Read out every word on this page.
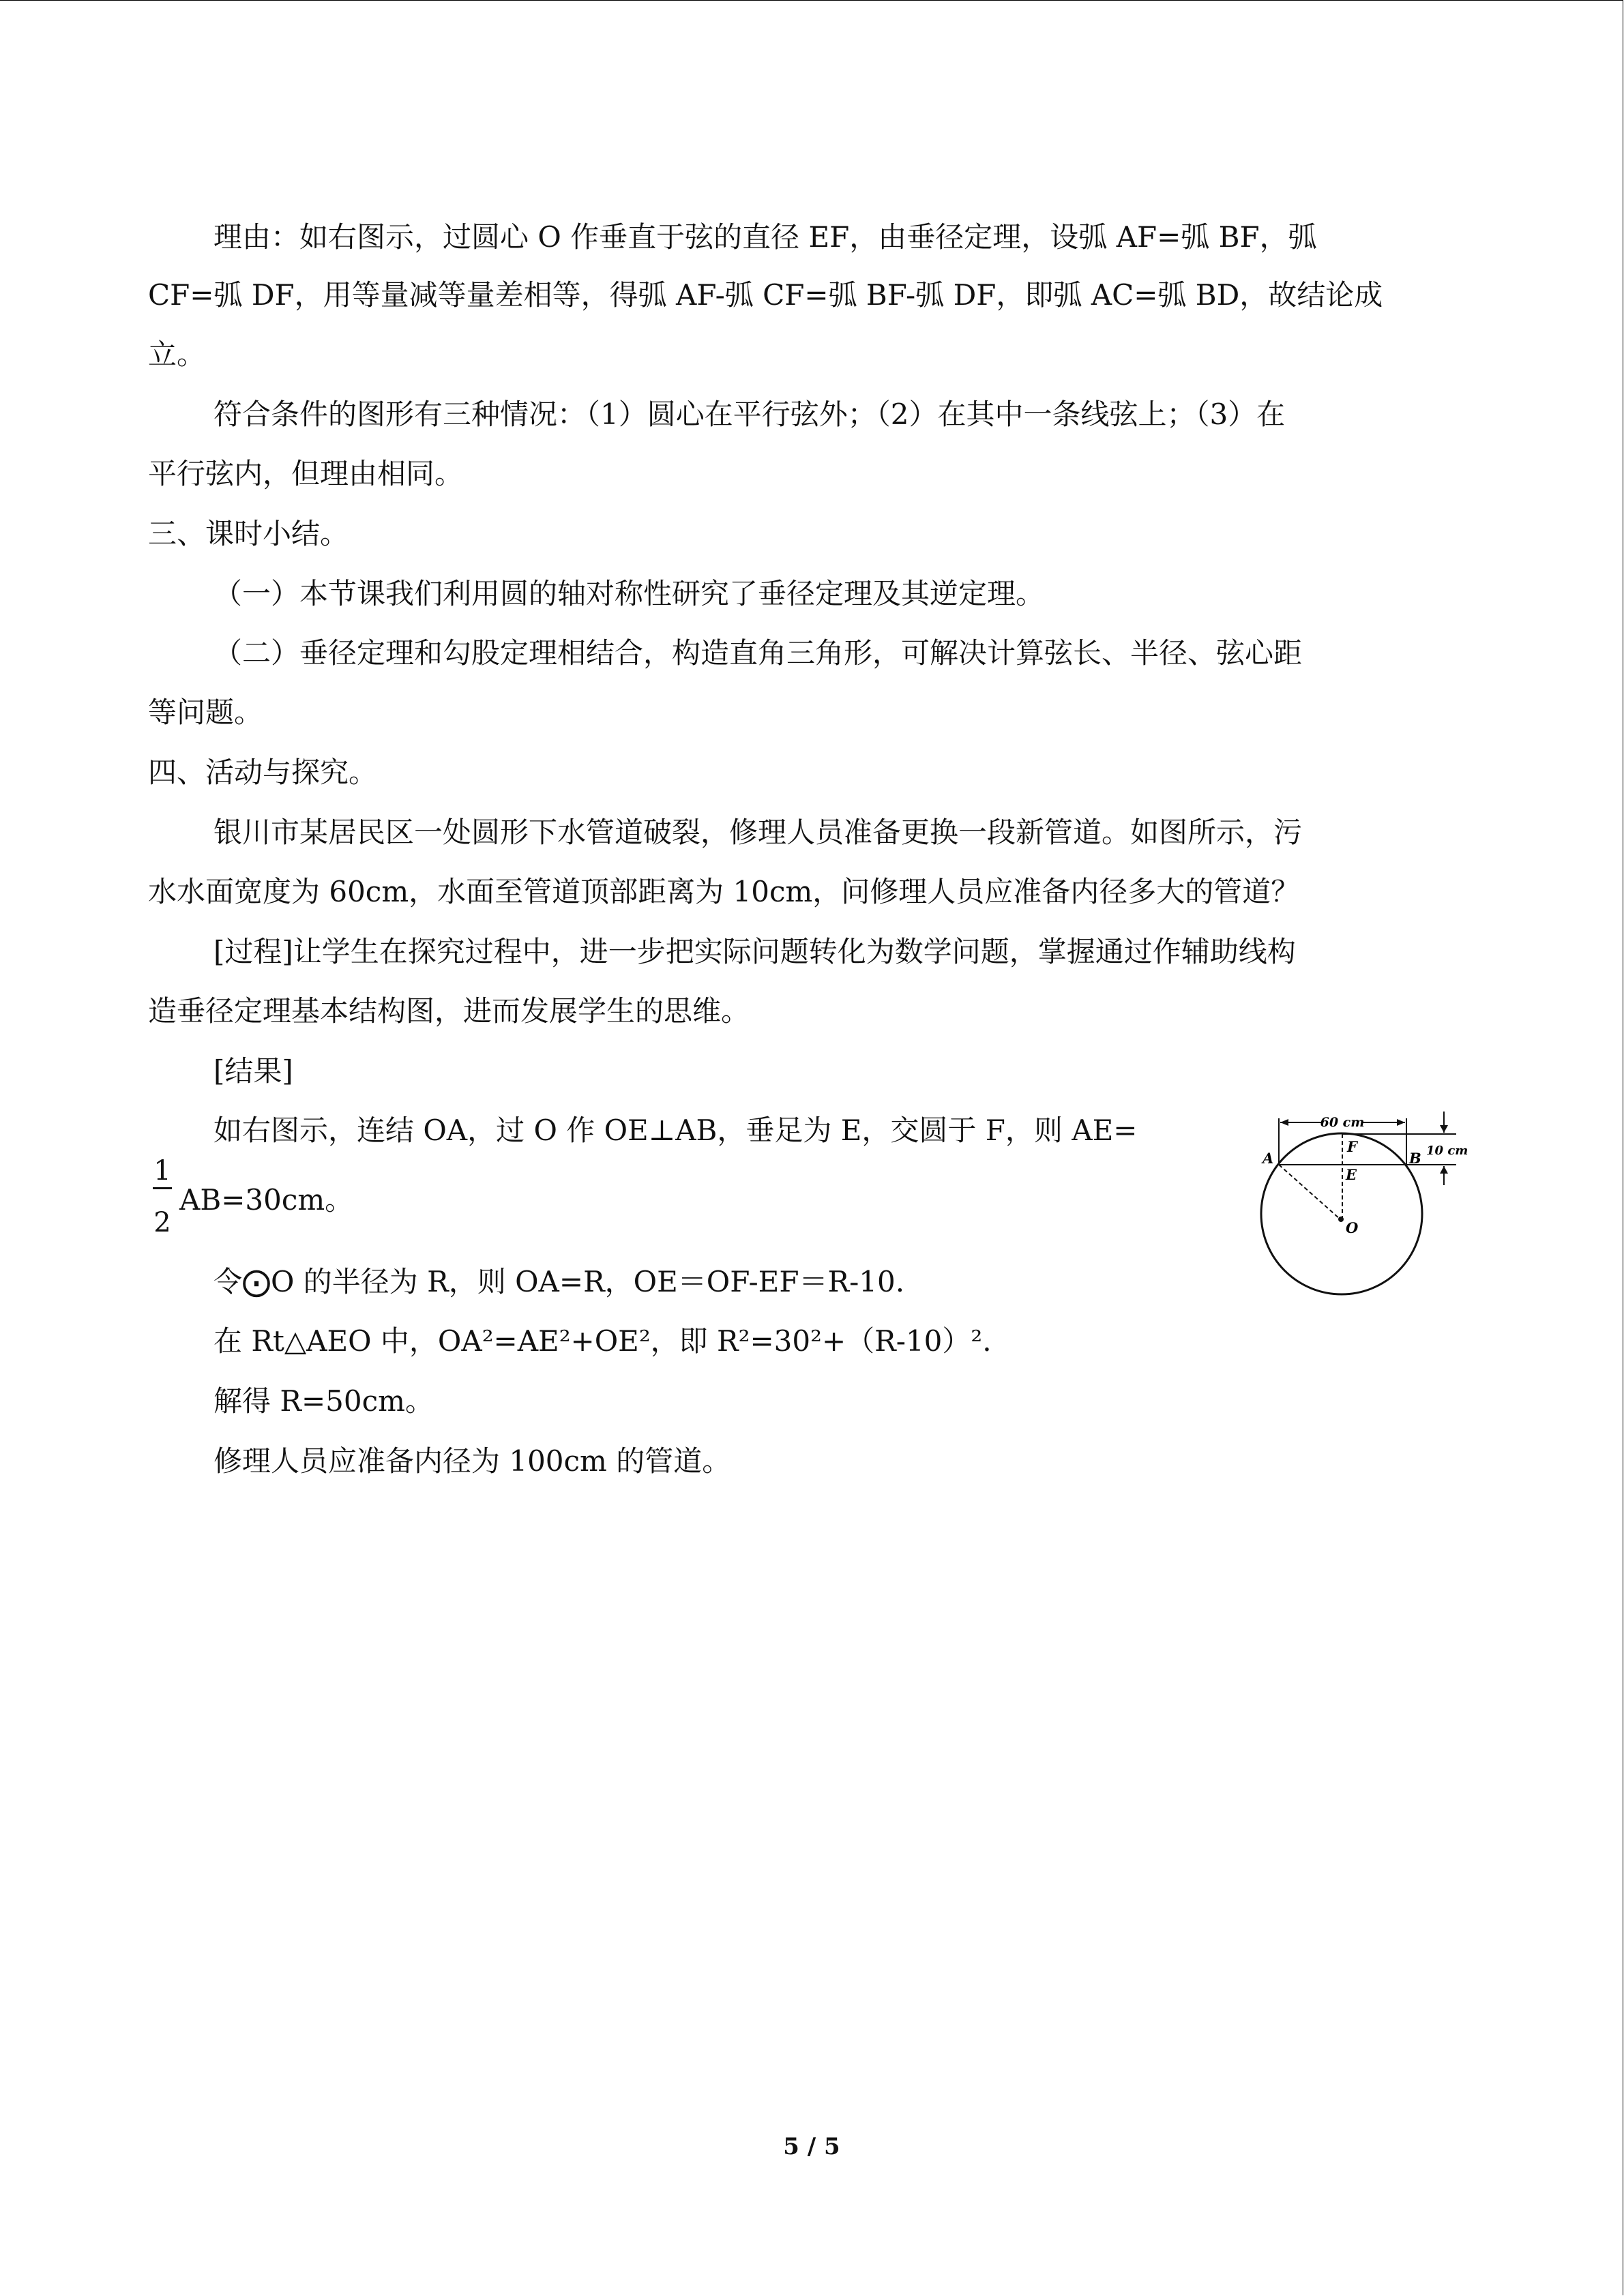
理由：如右图示，过圆心 O 作垂直于弦的直径 EF，由垂径定理，设弧 AF=弧 BF，弧
CF=弧 DF，用等量减等量差相等，得弧 AF-弧 CF=弧 BF-弧 DF，即弧 AC=弧 BD，故结论成
立。
符合条件的图形有三种情况：（1）圆心在平行弦外；（2）在其中一条线弦上；（3）在
平行弦内，但理由相同。
三、课时小结。
（一）本节课我们利用圆的轴对称性研究了垂径定理及其逆定理。
（二）垂径定理和勾股定理相结合，构造直角三角形，可解决计算弦长、半径、弦心距
等问题。
四、活动与探究。
银川市某居民区一处圆形下水管道破裂，修理人员准备更换一段新管道。如图所示，污
水水面宽度为 60cm，水面至管道顶部距离为 10cm，问修理人员应准备内径多大的管道？
[过程]让学生在探究过程中，进一步把实际问题转化为数学问题，掌握通过作辅助线构
造垂径定理基本结构图，进而发展学生的思维。
[结果]
如右图示，连结 OA，过 O 作 OE⊥AB，垂足为 E，交圆于 F，则 AE=
1
2
AB=30cm。
令⨀O 的半径为 R，则 OA=R，OE＝OF-EF＝R-10.
在 Rt△AEO 中，OA²=AE²+OE²，即 R²=30²+（R-10）².
解得 R=50cm。
修理人员应准备内径为 100cm 的管道。
60 cm
10 cm
A	B
E
F
O
5 / 5
